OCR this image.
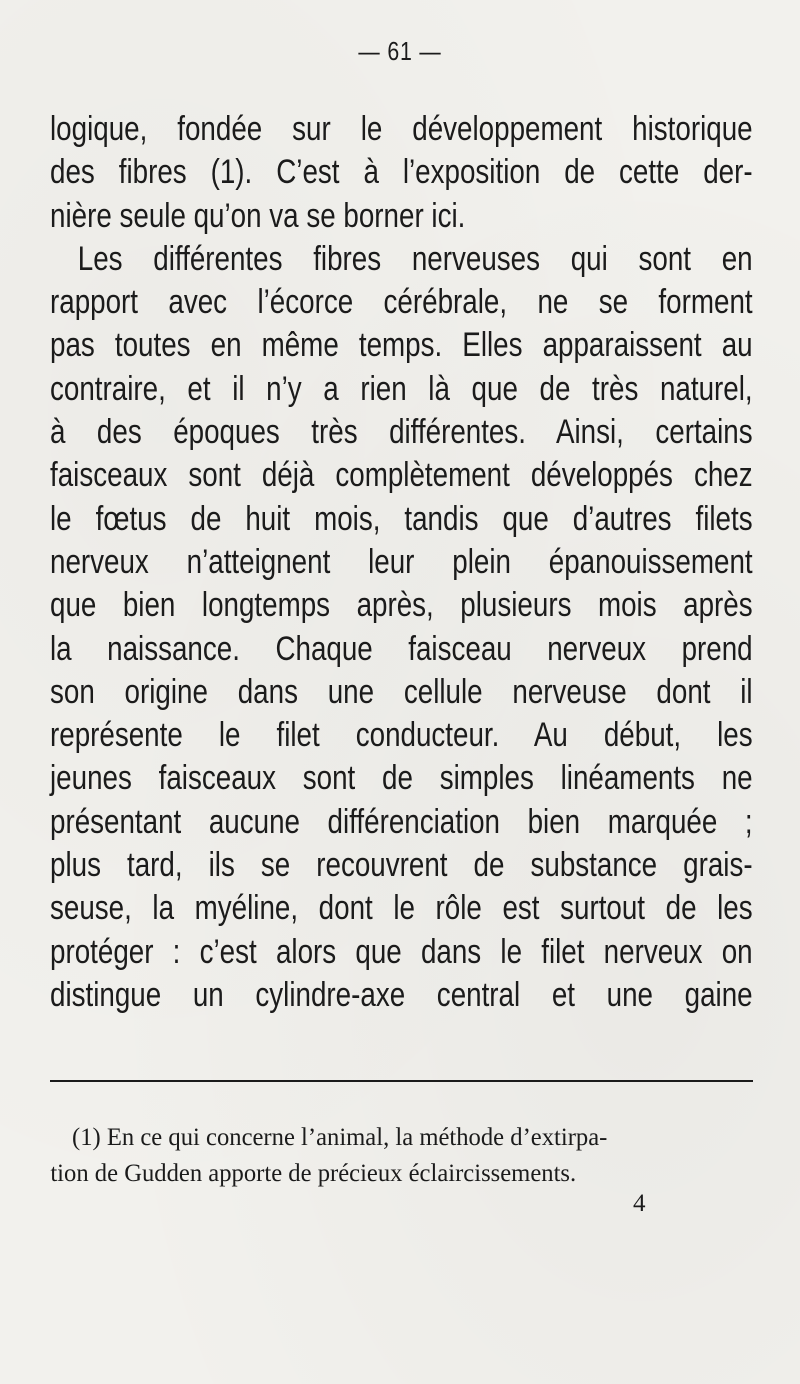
— 61 —
logique, fondée sur le développement historique
des fibres (1). C’est à l’exposition de cette der-
nière seule qu’on va se borner ici.
Les différentes fibres nerveuses qui sont en
rapport avec l’écorce cérébrale, ne se forment
pas toutes en même temps. Elles apparaissent au
contraire, et il n’y a rien là que de très naturel,
à des époques très différentes. Ainsi, certains
faisceaux sont déjà complètement développés chez
le fœtus de huit mois, tandis que d’autres filets
nerveux n’atteignent leur plein épanouissement
que bien longtemps après, plusieurs mois après
la naissance. Chaque faisceau nerveux prend
son origine dans une cellule nerveuse dont il
représente le filet conducteur. Au début, les
jeunes faisceaux sont de simples linéaments ne
présentant aucune différenciation bien marquée ;
plus tard, ils se recouvrent de substance grais-
seuse, la myéline, dont le rôle est surtout de les
protéger : c’est alors que dans le filet nerveux on
distingue un cylindre-axe central et une gaine
(1) En ce qui concerne l’animal, la méthode d’extirpa-
tion de Gudden apporte de précieux éclaircissements.
4
